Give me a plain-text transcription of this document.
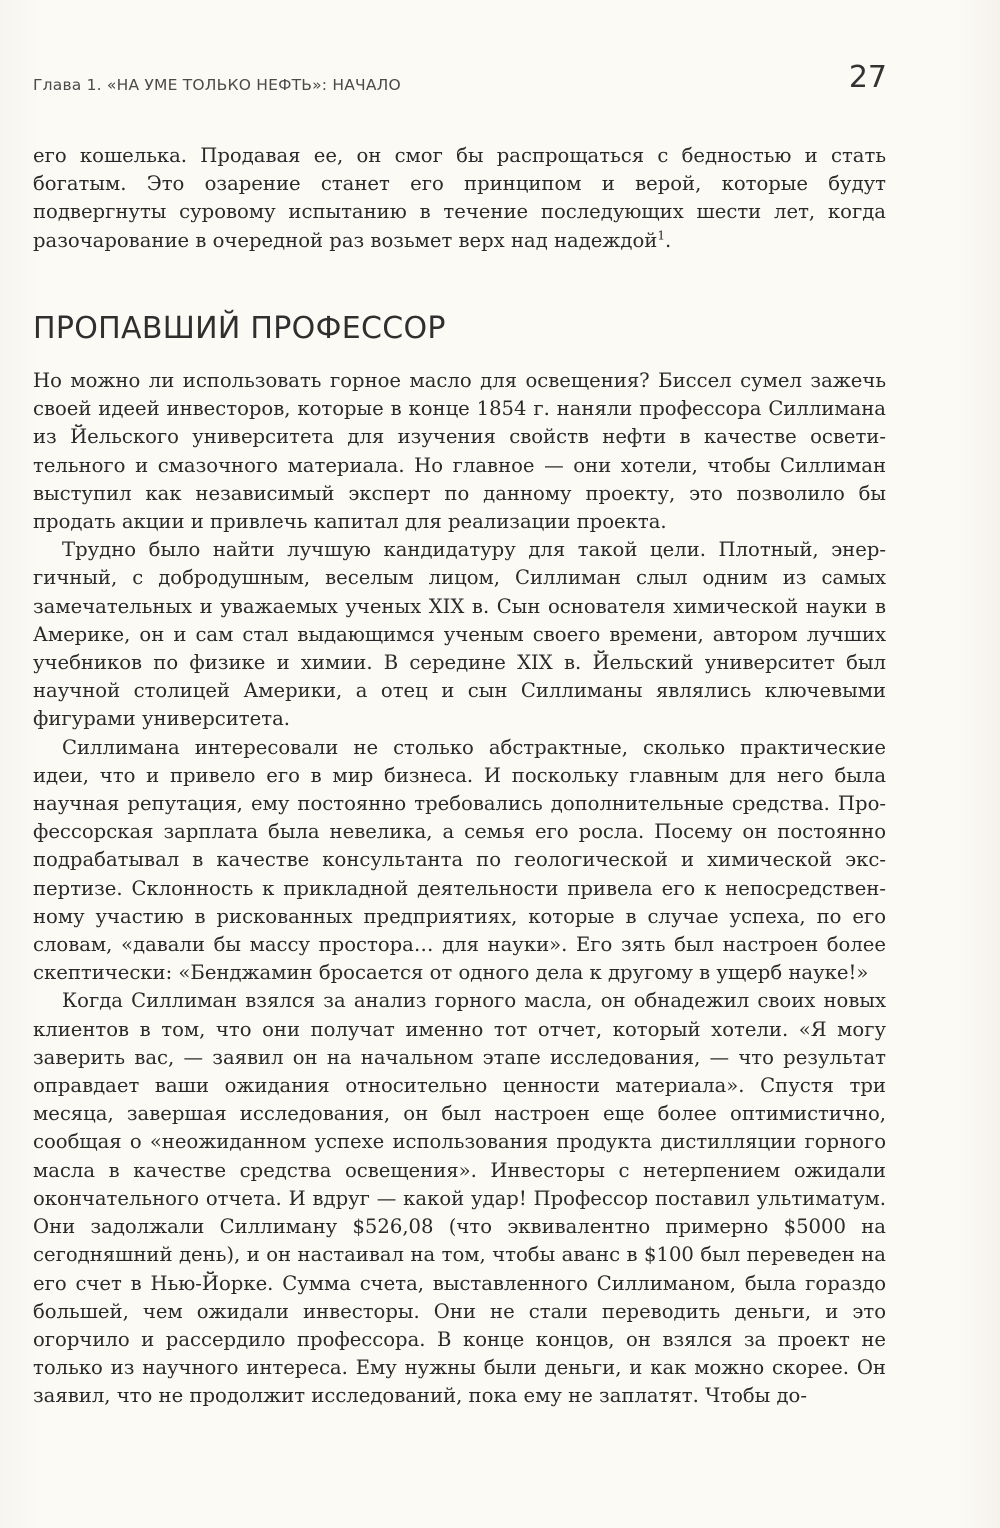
Глава 1. «НА УМЕ ТОЛЬКО НЕФТЬ»: НАЧАЛО	27

его кошелька. Продавая ее, он смог бы распрощаться с бедностью и стать богатым. Это озарение станет его принципом и верой, которые будут подвергнуты суровому испытанию в течение последующих шести лет, когда разочарование в очередной раз возьмет верх над надеждой$^1$.

ПРОПАВШИЙ ПРОФЕССОР

Но можно ли использовать горное масло для освещения? Биссел сумел зажечь своей идеей инвесторов, которые в конце 1854 г. наняли профессора Силлимана из Йельского университета для изучения свойств нефти в качестве осветительного и смазочного материала. Но главное — они хотели, чтобы Силлиман выступил как независимый эксперт по данному проекту, это позволило бы продать акции и привлечь капитал для реализации проекта.

Трудно было найти лучшую кандидатуру для такой цели. Плотный, энергичный, с добродушным, веселым лицом, Силлиман слыл одним из самых замечательных и уважаемых ученых XIX в. Сын основателя химической науки в Америке, он и сам стал выдающимся ученым своего времени, автором лучших учебников по физике и химии. В середине XIX в. Йельский университет был научной столицей Америки, а отец и сын Силлиманы являлись ключевыми фигурами университета.

Силлимана интересовали не столько абстрактные, сколько практические идеи, что и привело его в мир бизнеса. И поскольку главным для него была научная репутация, ему постоянно требовались дополнительные средства. Профессорская зарплата была невелика, а семья его росла. Посему он постоянно подрабатывал в качестве консультанта по геологической и химической экспертизе. Склонность к прикладной деятельности привела его к непосредственному участию в рискованных предприятиях, которые в случае успеха, по его словам, «давали бы массу простора… для науки». Его зять был настроен более скептически: «Бенджамин бросается от одного дела к другому в ущерб науке!»

Когда Силлиман взялся за анализ горного масла, он обнадежил своих новых клиентов в том, что они получат именно тот отчет, который хотели. «Я могу заверить вас, — заявил он на начальном этапе исследования, — что результат оправдает ваши ожидания относительно ценности материала». Спустя три месяца, завершая исследования, он был настроен еще более оптимистично, сообщая о «неожиданном успехе использования продукта дистилляции горного масла в качестве средства освещения». Инвесторы с нетерпением ожидали окончательного отчета. И вдруг — какой удар! Профессор поставил ультиматум. Они задолжали Силлиману $526,08 (что эквивалентно примерно $5000 на сегодняшний день), и он настаивал на том, чтобы аванс в $100 был переведен на его счет в Нью-Йорке. Сумма счета, выставленного Силлиманом, была гораздо большей, чем ожидали инвесторы. Они не стали переводить деньги, и это огорчило и рассердило профессора. В конце концов, он взялся за проект не только из научного интереса. Ему нужны были деньги, и как можно скорее. Он заявил, что не продолжит исследований, пока ему не заплатят. Чтобы до-
